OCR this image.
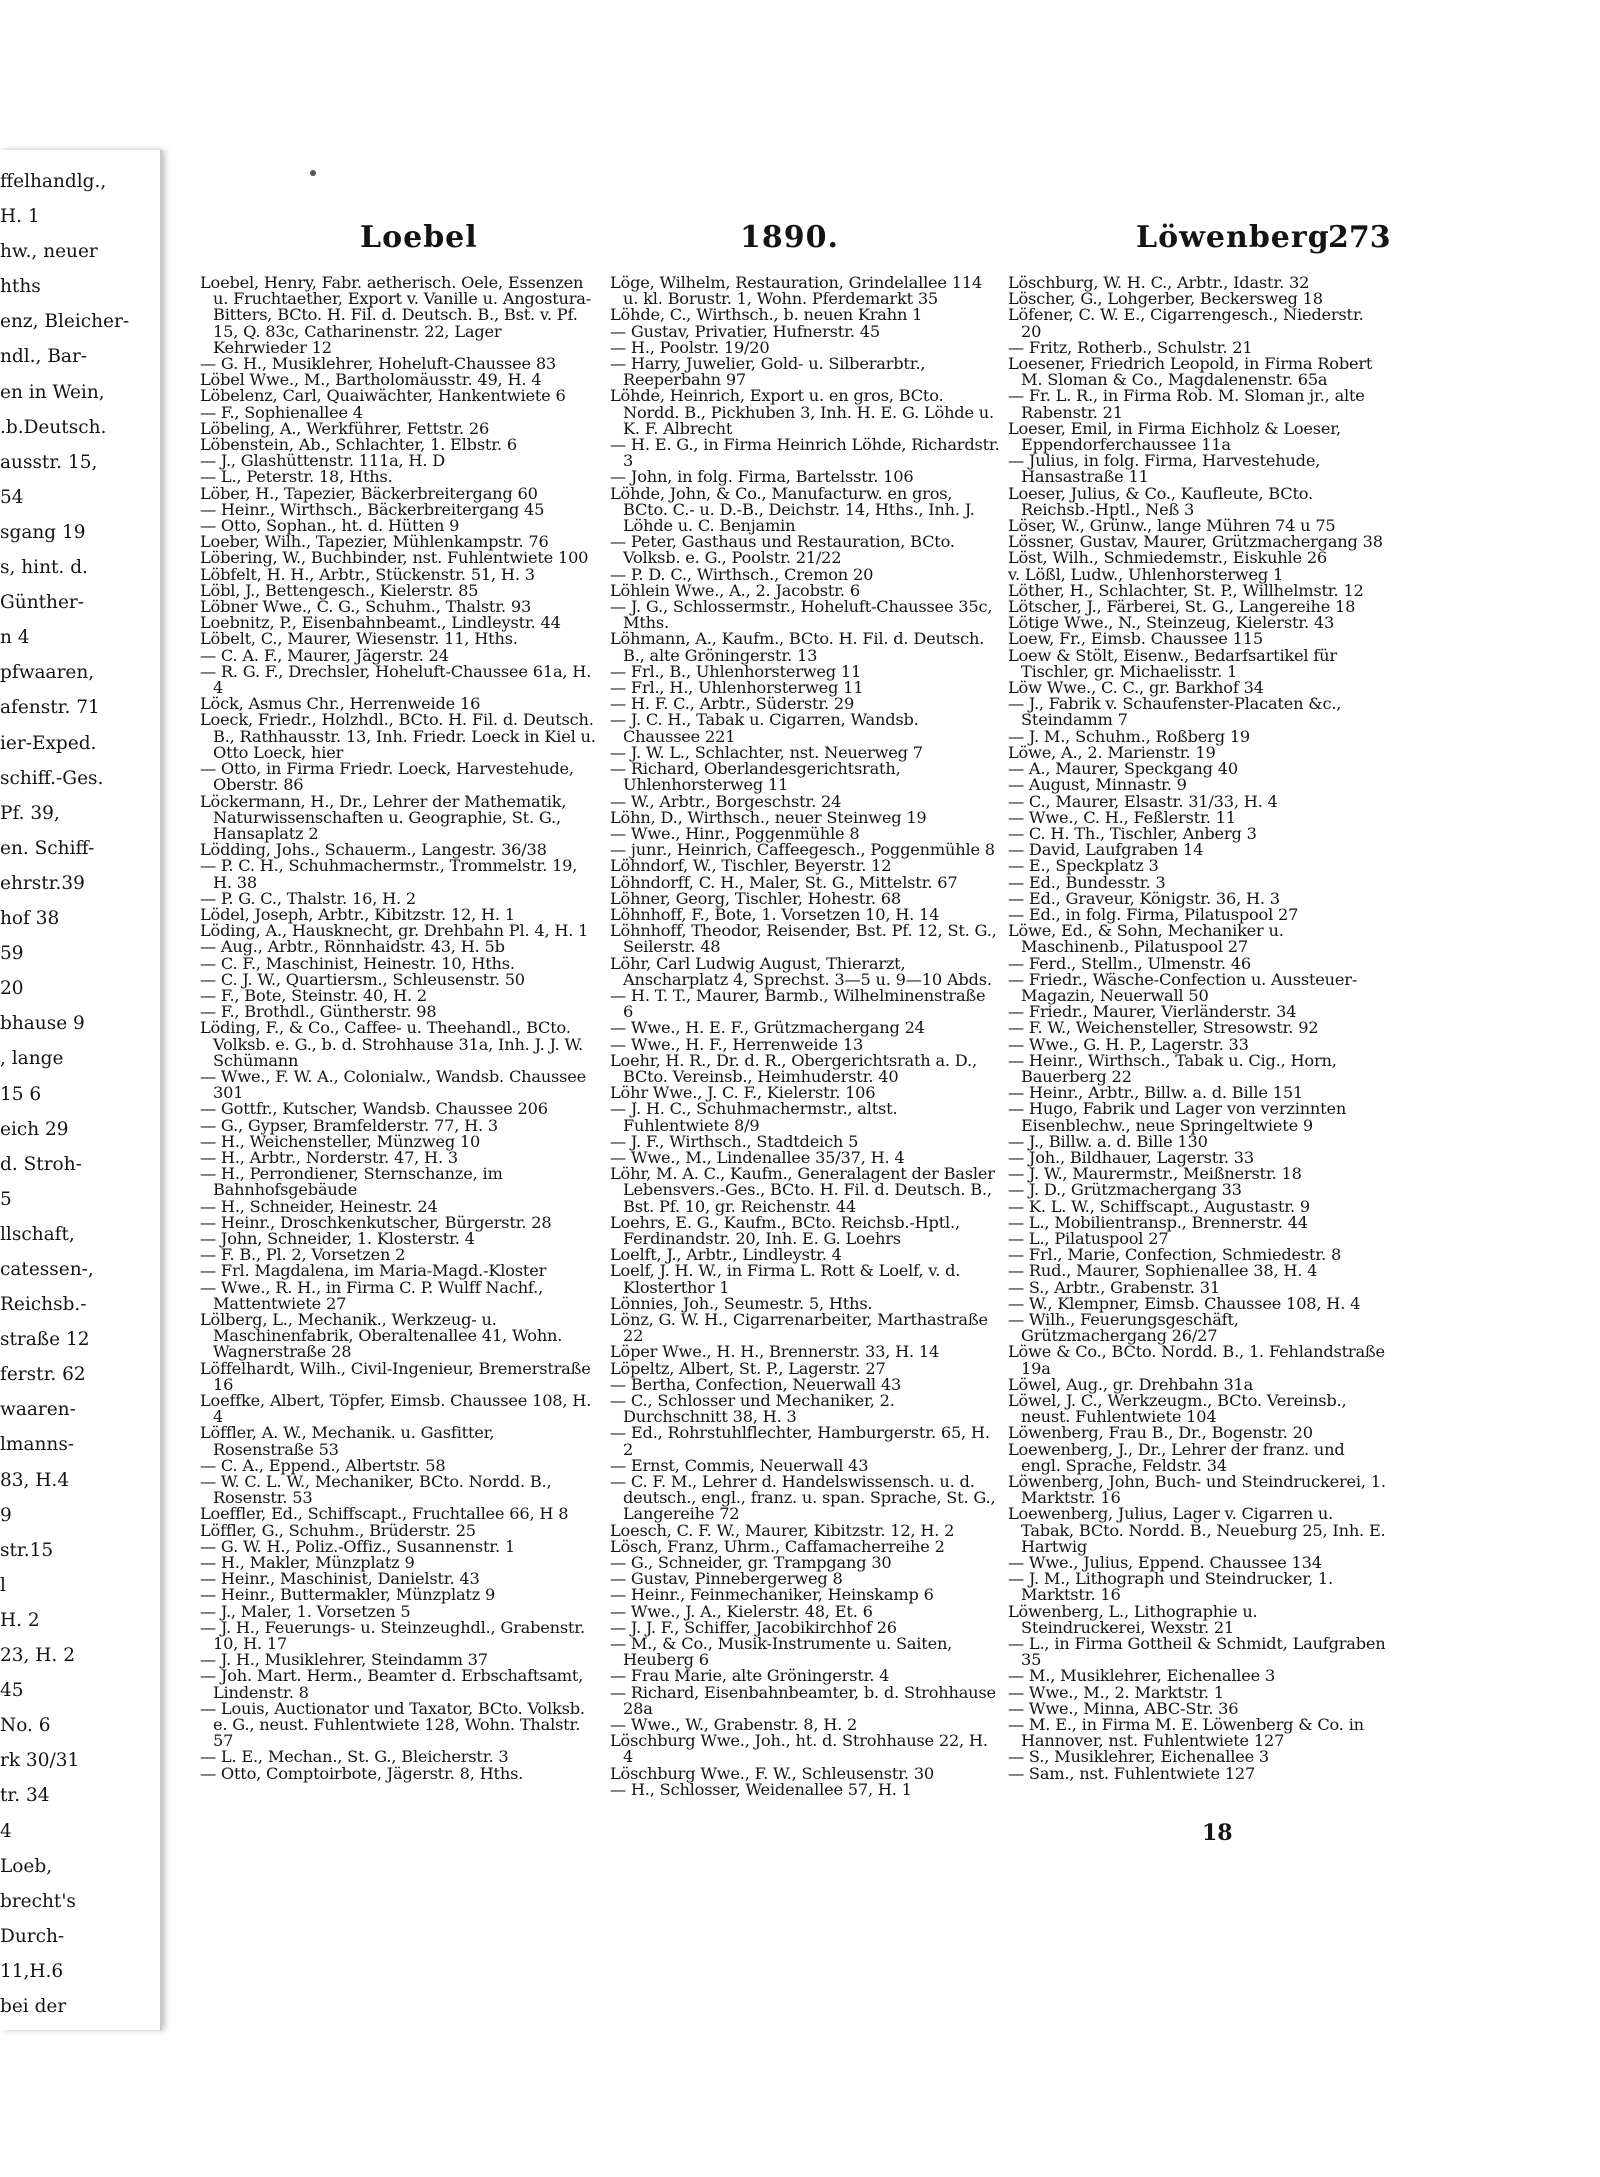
ffelhandlg.,
H. 1
hw., neuer
hths
enz, Bleicher-
ndl., Bar-
en in Wein,
.b.Deutsch.
ausstr. 15,
54
sgang 19
s, hint. d.
Günther-
n 4
pfwaaren,
afenstr. 71
ier-Exped.
schiff.-Ges.
Pf. 39,
en. Schiff-
ehrstr.39
hof 38
59
20
bhause 9
, lange
15 6
eich 29
d. Stroh-
5
llschaft,
catessen-,
Reichsb.-
straße 12
ferstr. 62
waaren-
lmanns-
83, H.4
9
str.15
l
H. 2
23, H. 2
45
No. 6
rk 30/31
tr. 34
4
Loeb,
brecht's
Durch-
11,H.6
bei der
Loebel	1890.	Löwenberg
273
Loebel, Henry, Fabr. aetherisch. Oele, Essenzen u. Fruchtaether, Export v. Vanille u. Angostura-Bitters, BCto. H. Fil. d. Deutsch. B., Bst. v. Pf. 15, Q. 83c, Catharinenstr. 22, Lager Kehrwieder 12
— G. H., Musiklehrer, Hoheluft-Chaussee 83
Löbel Wwe., M., Bartholomäusstr. 49, H. 4
Löbelenz, Carl, Quaiwächter, Hankentwiete 6
— F., Sophienallee 4
Löbeling, A., Werkführer, Fettstr. 26
Löbenstein, Ab., Schlachter, 1. Elbstr. 6
— J., Glashüttenstr. 111a, H. D
— L., Peterstr. 18, Hths.
Löber, H., Tapezier, Bäckerbreitergang 60
— Heinr., Wirthsch., Bäckerbreitergang 45
— Otto, Sophan., ht. d. Hütten 9
Loeber, Wilh., Tapezier, Mühlenkampstr. 76
Löbering, W., Buchbinder, nst. Fuhlentwiete 100
Löbfelt, H. H., Arbtr., Stückenstr. 51, H. 3
Löbl, J., Bettengesch., Kielerstr. 85
Löbner Wwe., C. G., Schuhm., Thalstr. 93
Loebnitz, P., Eisenbahnbeamt., Lindleystr. 44
Löbelt, C., Maurer, Wiesenstr. 11, Hths.
— C. A. F., Maurer, Jägerstr. 24
— R. G. F., Drechsler, Hoheluft-Chaussee 61a, H. 4
Löck, Asmus Chr., Herrenweide 16
Loeck, Friedr., Holzhdl., BCto. H. Fil. d. Deutsch. B., Rathhausstr. 13, Inh. Friedr. Loeck in Kiel u. Otto Loeck, hier
— Otto, in Firma Friedr. Loeck, Harvestehude, Oberstr. 86
Löckermann, H., Dr., Lehrer der Mathematik, Naturwissenschaften u. Geographie, St. G., Hansaplatz 2
Lödding, Johs., Schauerm., Langestr. 36/38
— P. C. H., Schuhmachermstr., Trommelstr. 19, H. 38
— P. G. C., Thalstr. 16, H. 2
Lödel, Joseph, Arbtr., Kibitzstr. 12, H. 1
Löding, A., Hausknecht, gr. Drehbahn Pl. 4, H. 1
— Aug., Arbtr., Rönnhaidstr. 43, H. 5b
— C. F., Maschinist, Heinestr. 10, Hths.
— C. J. W., Quartiersm., Schleusenstr. 50
— F., Bote, Steinstr. 40, H. 2
— F., Brothdl., Güntherstr. 98
Löding, F., & Co., Caffee- u. Theehandl., BCto. Volksb. e. G., b. d. Strohhause 31a, Inh. J. J. W. Schümann
— Wwe., F. W. A., Colonialw., Wandsb. Chaussee 301
— Gottfr., Kutscher, Wandsb. Chaussee 206
— G., Gypser, Bramfelderstr. 77, H. 3
— H., Weichensteller, Münzweg 10
— H., Arbtr., Norderstr. 47, H. 3
— H., Perrondiener, Sternschanze, im Bahnhofsgebäude
— H., Schneider, Heinestr. 24
— Heinr., Droschkenkutscher, Bürgerstr. 28
— John, Schneider, 1. Klosterstr. 4
— F. B., Pl. 2, Vorsetzen 2
— Frl. Magdalena, im Maria-Magd.-Kloster
— Wwe., R. H., in Firma C. P. Wulff Nachf., Mattentwiete 27
Lölberg, L., Mechanik., Werkzeug- u. Maschinenfabrik, Oberaltenallee 41, Wohn. Wagnerstraße 28
Löffelhardt, Wilh., Civil-Ingenieur, Bremerstraße 16
Loeffke, Albert, Töpfer, Eimsb. Chaussee 108, H. 4
Löffler, A. W., Mechanik. u. Gasfitter, Rosenstraße 53
— C. A., Eppend., Albertstr. 58
— W. C. L. W., Mechaniker, BCto. Nordd. B., Rosenstr. 53
Loeffler, Ed., Schiffscapt., Fruchtallee 66, H 8
Löffler, G., Schuhm., Brüderstr. 25
— G. W. H., Poliz.-Offiz., Susannenstr. 1
— H., Makler, Münzplatz 9
— Heinr., Maschinist, Danielstr. 43
— Heinr., Buttermakler, Münzplatz 9
— J., Maler, 1. Vorsetzen 5
— J. H., Feuerungs- u. Steinzeughdl., Grabenstr. 10, H. 17
— J. H., Musiklehrer, Steindamm 37
— Joh. Mart. Herm., Beamter d. Erbschaftsamt, Lindenstr. 8
— Louis, Auctionator und Taxator, BCto. Volksb. e. G., neust. Fuhlentwiete 128, Wohn. Thalstr. 57
— L. E., Mechan., St. G., Bleicherstr. 3
— Otto, Comptoirbote, Jägerstr. 8, Hths.
Löge, Wilhelm, Restauration, Grindelallee 114 u. kl. Borustr. 1, Wohn. Pferdemarkt 35
Löhde, C., Wirthsch., b. neuen Krahn 1
— Gustav, Privatier, Hufnerstr. 45
— H., Poolstr. 19/20
— Harry, Juwelier, Gold- u. Silberarbtr., Reeperbahn 97
Löhde, Heinrich, Export u. en gros, BCto. Nordd. B., Pickhuben 3, Inh. H. E. G. Löhde u. K. F. Albrecht
— H. E. G., in Firma Heinrich Löhde, Richardstr. 3
— John, in folg. Firma, Bartelsstr. 106
Löhde, John, & Co., Manufacturw. en gros, BCto. C.- u. D.-B., Deichstr. 14, Hths., Inh. J. Löhde u. C. Benjamin
— Peter, Gasthaus und Restauration, BCto. Volksb. e. G., Poolstr. 21/22
— P. D. C., Wirthsch., Cremon 20
Löhlein Wwe., A., 2. Jacobstr. 6
— J. G., Schlossermstr., Hoheluft-Chaussee 35c, Mths.
Löhmann, A., Kaufm., BCto. H. Fil. d. Deutsch. B., alte Gröningerstr. 13
— Frl., B., Uhlenhorsterweg 11
— Frl., H., Uhlenhorsterweg 11
— H. F. C., Arbtr., Süderstr. 29
— J. C. H., Tabak u. Cigarren, Wandsb. Chaussee 221
— J. W. L., Schlachter, nst. Neuerweg 7
— Richard, Oberlandesgerichtsrath, Uhlenhorsterweg 11
— W., Arbtr., Borgeschstr. 24
Löhn, D., Wirthsch., neuer Steinweg 19
— Wwe., Hinr., Poggenmühle 8
— junr., Heinrich, Caffeegesch., Poggenmühle 8
Löhndorf, W., Tischler, Beyerstr. 12
Löhndorff, C. H., Maler, St. G., Mittelstr. 67
Löhner, Georg, Tischler, Hohestr. 68
Löhnhoff, F., Bote, 1. Vorsetzen 10, H. 14
Löhnhoff, Theodor, Reisender, Bst. Pf. 12, St. G., Seilerstr. 48
Löhr, Carl Ludwig August, Thierarzt, Anscharplatz 4, Sprechst. 3—5 u. 9—10 Abds.
— H. T. T., Maurer, Barmb., Wilhelminenstraße 6
— Wwe., H. E. F., Grützmachergang 24
— Wwe., H. F., Herrenweide 13
Loehr, H. R., Dr. d. R., Obergerichtsrath a. D., BCto. Vereinsb., Heimhuderstr. 40
Löhr Wwe., J. C. F., Kielerstr. 106
— J. H. C., Schuhmachermstr., altst. Fuhlentwiete 8/9
— J. F., Wirthsch., Stadtdeich 5
— Wwe., M., Lindenallee 35/37, H. 4
Löhr, M. A. C., Kaufm., Generalagent der Basler Lebensvers.-Ges., BCto. H. Fil. d. Deutsch. B., Bst. Pf. 10, gr. Reichenstr. 44
Loehrs, E. G., Kaufm., BCto. Reichsb.-Hptl., Ferdinandstr. 20, Inh. E. G. Loehrs
Loelft, J., Arbtr., Lindleystr. 4
Loelf, J. H. W., in Firma L. Rott & Loelf, v. d. Klosterthor 1
Lönnies, Joh., Seumestr. 5, Hths.
Lönz, G. W. H., Cigarrenarbeiter, Marthastraße 22
Löper Wwe., H. H., Brennerstr. 33, H. 14
Löpeltz, Albert, St. P., Lagerstr. 27
— Bertha, Confection, Neuerwall 43
— C., Schlosser und Mechaniker, 2. Durchschnitt 38, H. 3
— Ed., Rohrstuhlflechter, Hamburgerstr. 65, H. 2
— Ernst, Commis, Neuerwall 43
— C. F. M., Lehrer d. Handelswissensch. u. d. deutsch., engl., franz. u. span. Sprache, St. G., Langereihe 72
Loesch, C. F. W., Maurer, Kibitzstr. 12, H. 2
Lösch, Franz, Uhrm., Caffamacherreihe 2
— G., Schneider, gr. Trampgang 30
— Gustav, Pinnebergerweg 8
— Heinr., Feinmechaniker, Heinskamp 6
— Wwe., J. A., Kielerstr. 48, Et. 6
— J. J. F., Schiffer, Jacobikirchhof 26
— M., & Co., Musik-Instrumente u. Saiten, Heuberg 6
— Frau Marie, alte Gröningerstr. 4
— Richard, Eisenbahnbeamter, b. d. Strohhause 28a
— Wwe., W., Grabenstr. 8, H. 2
Löschburg Wwe., Joh., ht. d. Strohhause 22, H. 4
Löschburg Wwe., F. W., Schleusenstr. 30
— H., Schlosser, Weidenallee 57, H. 1
Löschburg, W. H. C., Arbtr., Idastr. 32
Löscher, G., Lohgerber, Beckersweg 18
Löfener, C. W. E., Cigarrengesch., Niederstr. 20
— Fritz, Rotherb., Schulstr. 21
Loesener, Friedrich Leopold, in Firma Robert M. Sloman & Co., Magdalenenstr. 65a
— Fr. L. R., in Firma Rob. M. Sloman jr., alte Rabenstr. 21
Loeser, Emil, in Firma Eichholz & Loeser, Eppendorferchaussee 11a
— Julius, in folg. Firma, Harvestehude, Hansastraße 11
Loeser, Julius, & Co., Kaufleute, BCto. Reichsb.-Hptl., Neß 3
Löser, W., Grünw., lange Mühren 74 u 75
Lössner, Gustav, Maurer, Grützmachergang 38
Löst, Wilh., Schmiedemstr., Eiskuhle 26
v. Lößl, Ludw., Uhlenhorsterweg 1
Löther, H., Schlachter, St. P., Willhelmstr. 12
Lötscher, J., Färberei, St. G., Langereihe 18
Lötige Wwe., N., Steinzeug, Kielerstr. 43
Loew, Fr., Eimsb. Chaussee 115
Loew & Stölt, Eisenw., Bedarfsartikel für Tischler, gr. Michaelisstr. 1
Löw Wwe., C. C., gr. Barkhof 34
— J., Fabrik v. Schaufenster-Placaten &c., Steindamm 7
— J. M., Schuhm., Roßberg 19
Löwe, A., 2. Marienstr. 19
— A., Maurer, Speckgang 40
— August, Minnastr. 9
— C., Maurer, Elsastr. 31/33, H. 4
— Wwe., C. H., Feßlerstr. 11
— C. H. Th., Tischler, Anberg 3
— David, Laufgraben 14
— E., Speckplatz 3
— Ed., Bundesstr. 3
— Ed., Graveur, Königstr. 36, H. 3
— Ed., in folg. Firma, Pilatuspool 27
Löwe, Ed., & Sohn, Mechaniker u. Maschinenb., Pilatuspool 27
— Ferd., Stellm., Ulmenstr. 46
— Friedr., Wäsche-Confection u. Aussteuer-Magazin, Neuerwall 50
— Friedr., Maurer, Vierländerstr. 34
— F. W., Weichensteller, Stresowstr. 92
— Wwe., G. H. P., Lagerstr. 33
— Heinr., Wirthsch., Tabak u. Cig., Horn, Bauerberg 22
— Heinr., Arbtr., Billw. a. d. Bille 151
— Hugo, Fabrik und Lager von verzinnten Eisenblechw., neue Springeltwiete 9
— J., Billw. a. d. Bille 130
— Joh., Bildhauer, Lagerstr. 33
— J. W., Maurermstr., Meißnerstr. 18
— J. D., Grützmachergang 33
— K. L. W., Schiffscapt., Augustastr. 9
— L., Mobilientransp., Brennerstr. 44
— L., Pilatuspool 27
— Frl., Marie, Confection, Schmiedestr. 8
— Rud., Maurer, Sophienallee 38, H. 4
— S., Arbtr., Grabenstr. 31
— W., Klempner, Eimsb. Chaussee 108, H. 4
— Wilh., Feuerungsgeschäft, Grützmachergang 26/27
Löwe & Co., BCto. Nordd. B., 1. Fehlandstraße 19a
Löwel, Aug., gr. Drehbahn 31a
Löwel, J. C., Werkzeugm., BCto. Vereinsb., neust. Fuhlentwiete 104
Löwenberg, Frau B., Dr., Bogenstr. 20
Loewenberg, J., Dr., Lehrer der franz. und engl. Sprache, Feldstr. 34
Löwenberg, John, Buch- und Steindruckerei, 1. Marktstr. 16
Loewenberg, Julius, Lager v. Cigarren u. Tabak, BCto. Nordd. B., Neueburg 25, Inh. E. Hartwig
— Wwe., Julius, Eppend. Chaussee 134
— J. M., Lithograph und Steindrucker, 1. Marktstr. 16
Löwenberg, L., Lithographie u. Steindruckerei, Wexstr. 21
— L., in Firma Gottheil & Schmidt, Laufgraben 35
— M., Musiklehrer, Eichenallee 3
— Wwe., M., 2. Marktstr. 1
— Wwe., Minna, ABC-Str. 36
— M. E., in Firma M. E. Löwenberg & Co. in Hannover, nst. Fuhlentwiete 127
— S., Musiklehrer, Eichenallee 3
— Sam., nst. Fuhlentwiete 127
18
